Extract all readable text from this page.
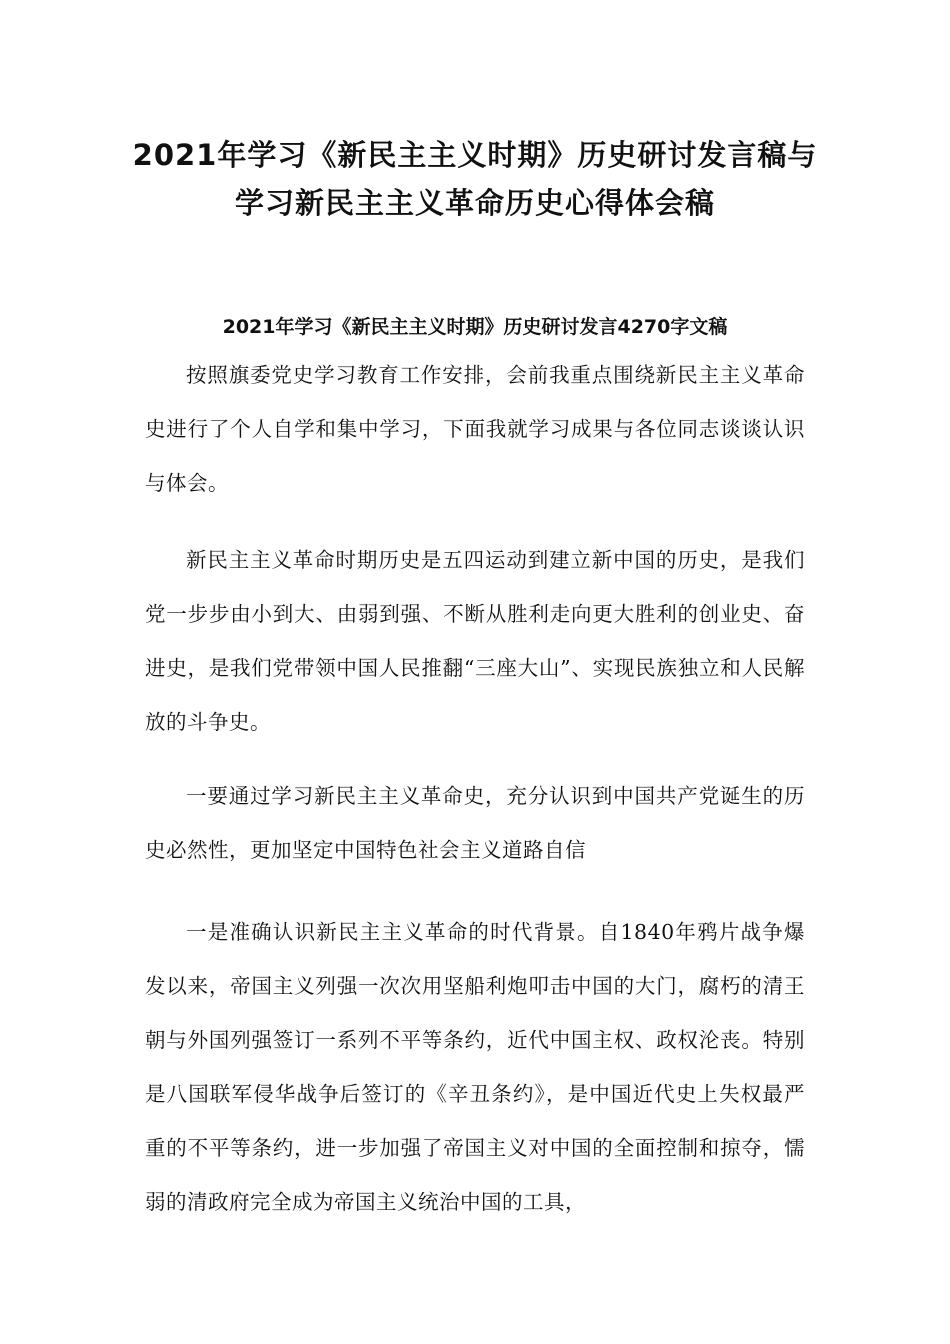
2021年学习《新民主主义时期》历史研讨发言稿与
学习新民主主义革命历史心得体会稿
2021年学习《新民主主义时期》历史研讨发言4270字文稿

按照旗委党史学习教育工作安排，会前我重点围绕新民主主义革命史进行了个人自学和集中学习，下面我就学习成果与各位同志谈谈认识与体会。

新民主主义革命时期历史是五四运动到建立新中国的历史，是我们党一步步由小到大、由弱到强、不断从胜利走向更大胜利的创业史、奋进史，是我们党带领中国人民推翻“三座大山”、实现民族独立和人民解放的斗争史。

一要通过学习新民主主义革命史，充分认识到中国共产党诞生的历史必然性，更加坚定中国特色社会主义道路自信

一是准确认识新民主主义革命的时代背景。自1840年鸦片战争爆发以来，帝国主义列强一次次用坚船利炮叩击中国的大门，腐朽的清王朝与外国列强签订一系列不平等条约，近代中国主权、政权沦丧。特别是八国联军侵华战争后签订的《辛丑条约》，是中国近代史上失权最严重的不平等条约，进一步加强了帝国主义对中国的全面控制和掠夺，懦弱的清政府完全成为帝国主义统治中国的工具，
